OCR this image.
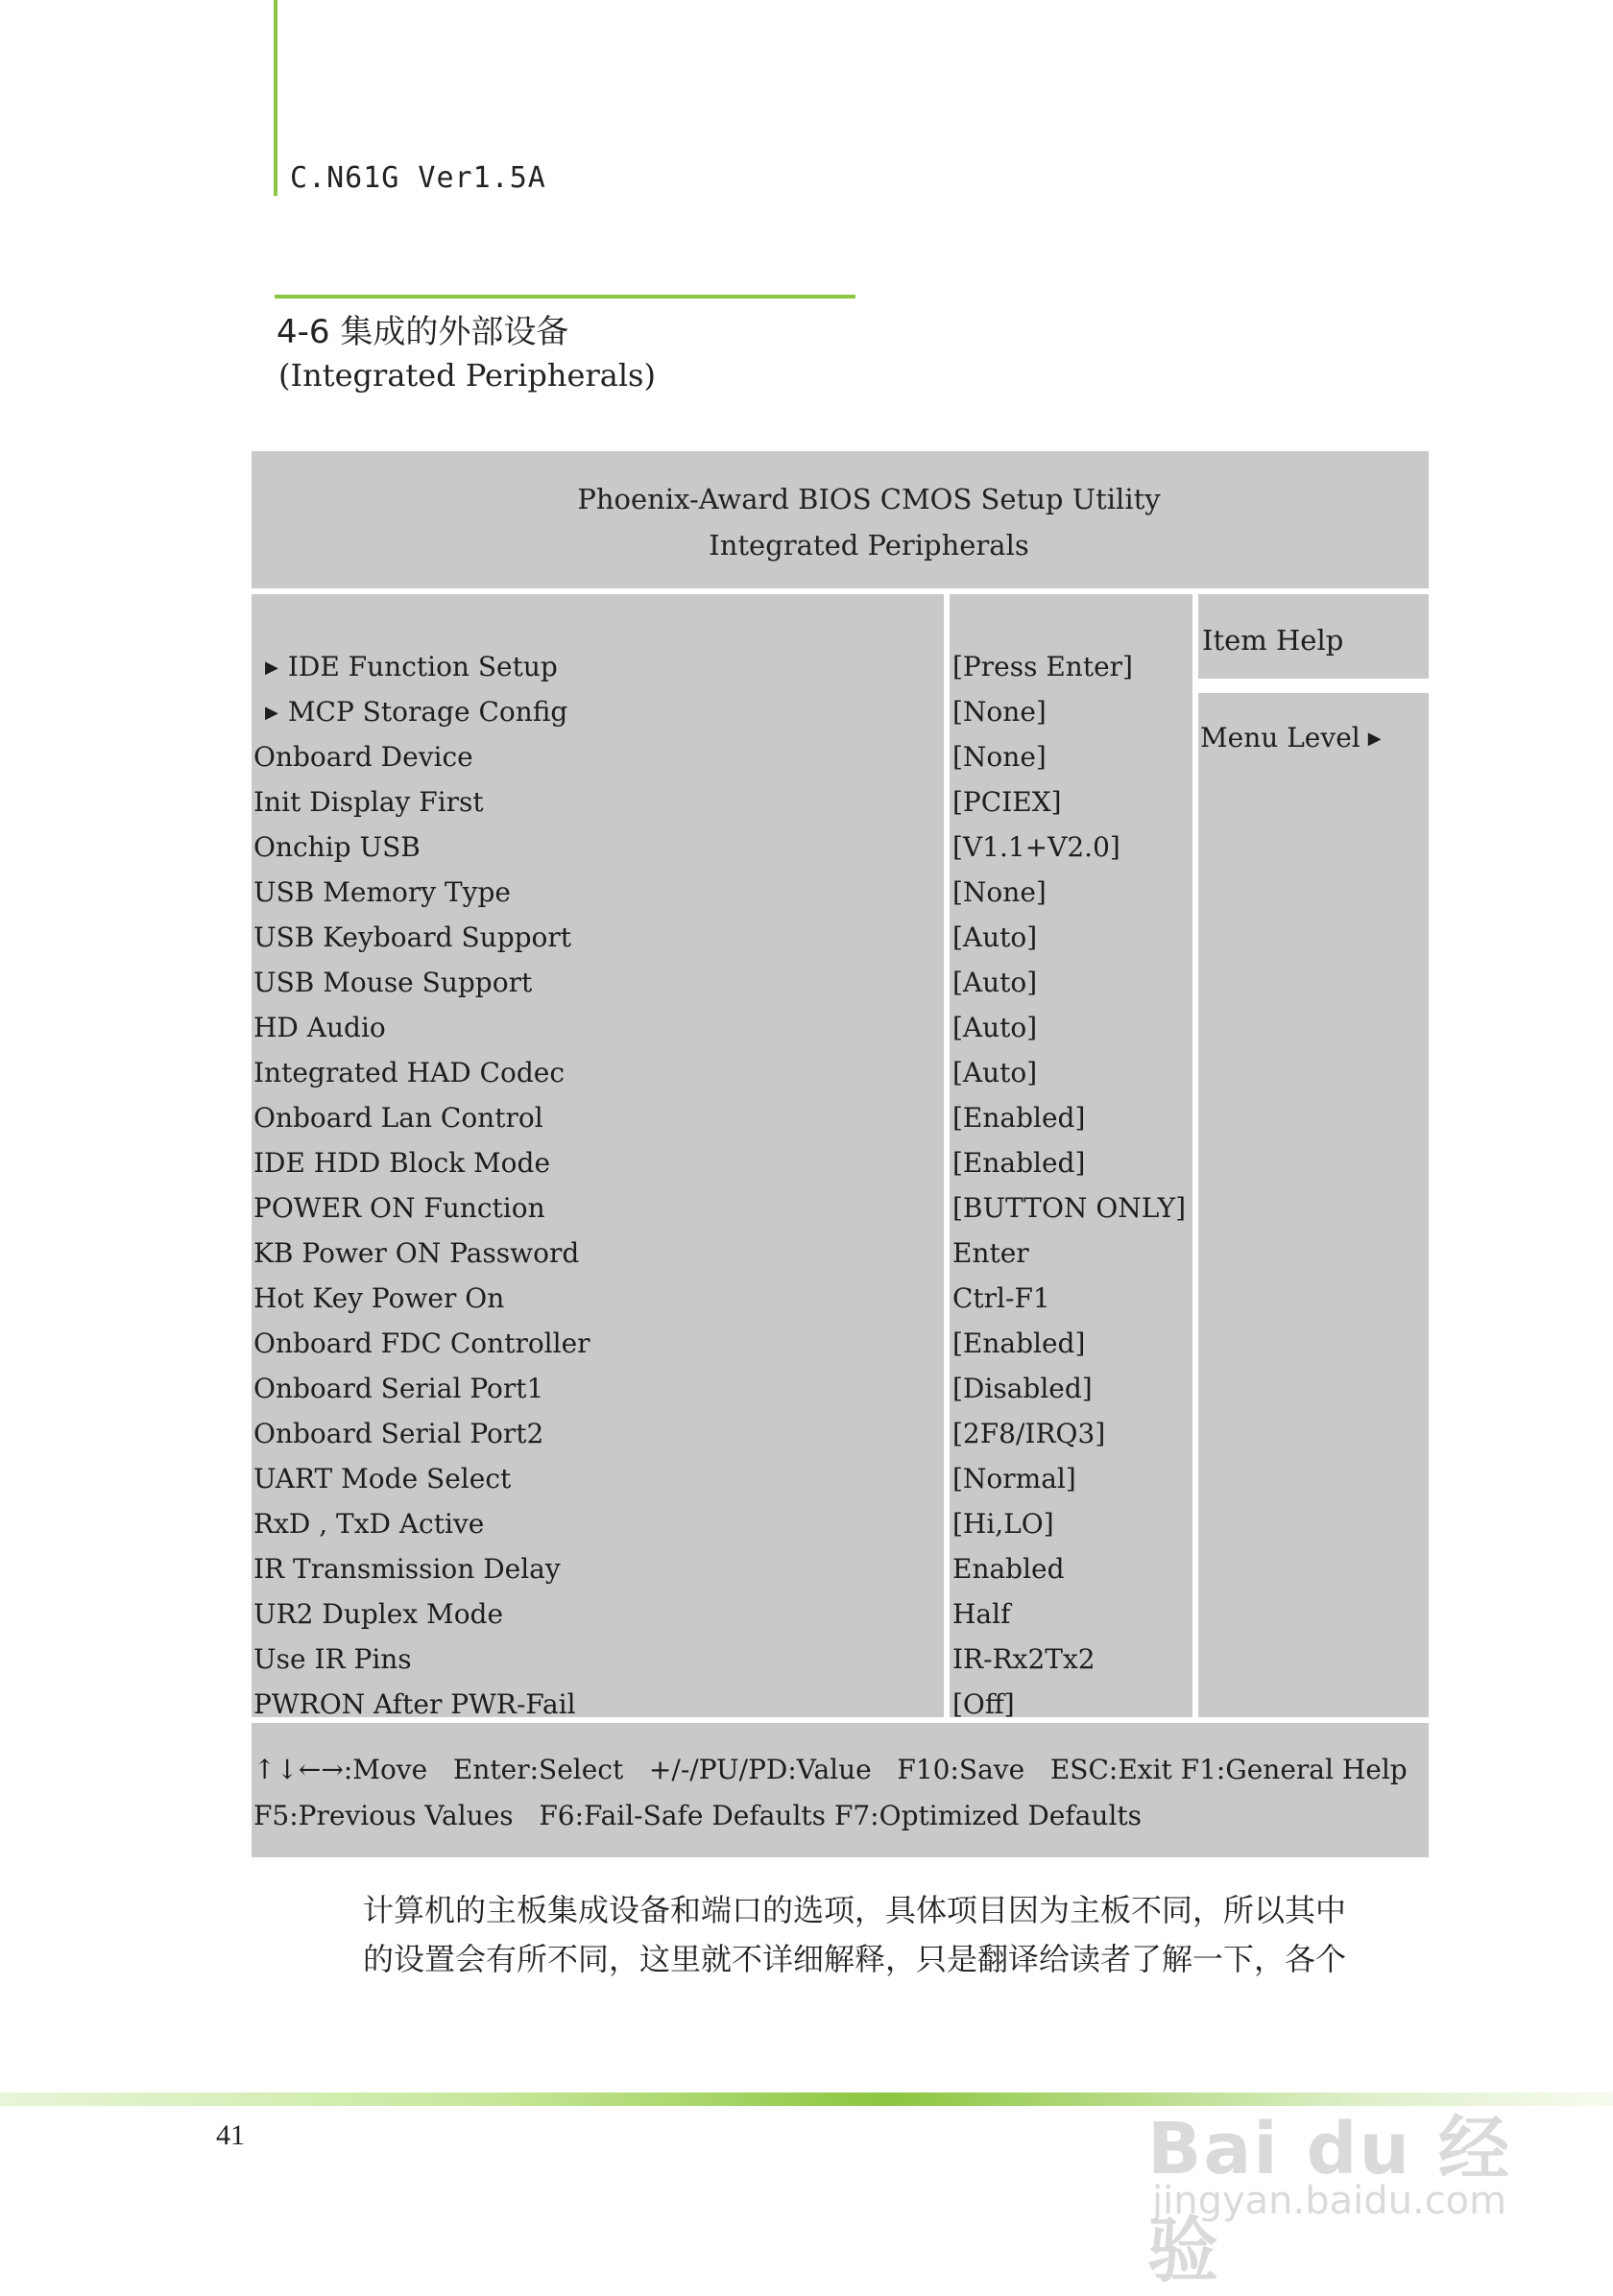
C.N61G Ver1.5A
4-6 集成的外部设备
(Integrated Peripherals)
Phoenix-Award BIOS CMOS Setup Utility
Integrated Peripherals
Item Help
Menu Level ▶
↑↓←→:Move   Enter:Select   +/-/PU/PD:Value   F10:Save   ESC:Exit F1:General Help
F5:Previous Values   F6:Fail-Safe Defaults F7:Optimized Defaults
▶ IDE Function Setup	[Press Enter]
▶ MCP Storage Config	[None]
Onboard Device	[None]
Init Display First	[PCIEX]
Onchip USB	[V1.1+V2.0]
USB Memory Type	[None]
USB Keyboard Support	[Auto]
USB Mouse Support	[Auto]
HD Audio	[Auto]
Integrated HAD Codec	[Auto]
Onboard Lan Control	[Enabled]
IDE HDD Block Mode	[Enabled]
POWER ON Function	[BUTTON ONLY]
KB Power ON Password	Enter
Hot Key Power On	Ctrl-F1
Onboard FDC Controller	[Enabled]
Onboard Serial Port1	[Disabled]
Onboard Serial Port2	[2F8/IRQ3]
UART Mode Select	[Normal]
RxD , TxD Active	[Hi,LO]
IR Transmission Delay	Enabled
UR2 Duplex Mode	Half
Use IR Pins	IR-Rx2Tx2
PWRON After PWR-Fail	[Off]
计算机的主板集成设备和端口的选项，具体项目因为主板不同，所以其中
的设置会有所不同，这里就不详细解释，只是翻译给读者了解一下，各个
41	Bai du 经验
jingyan.baidu.com
